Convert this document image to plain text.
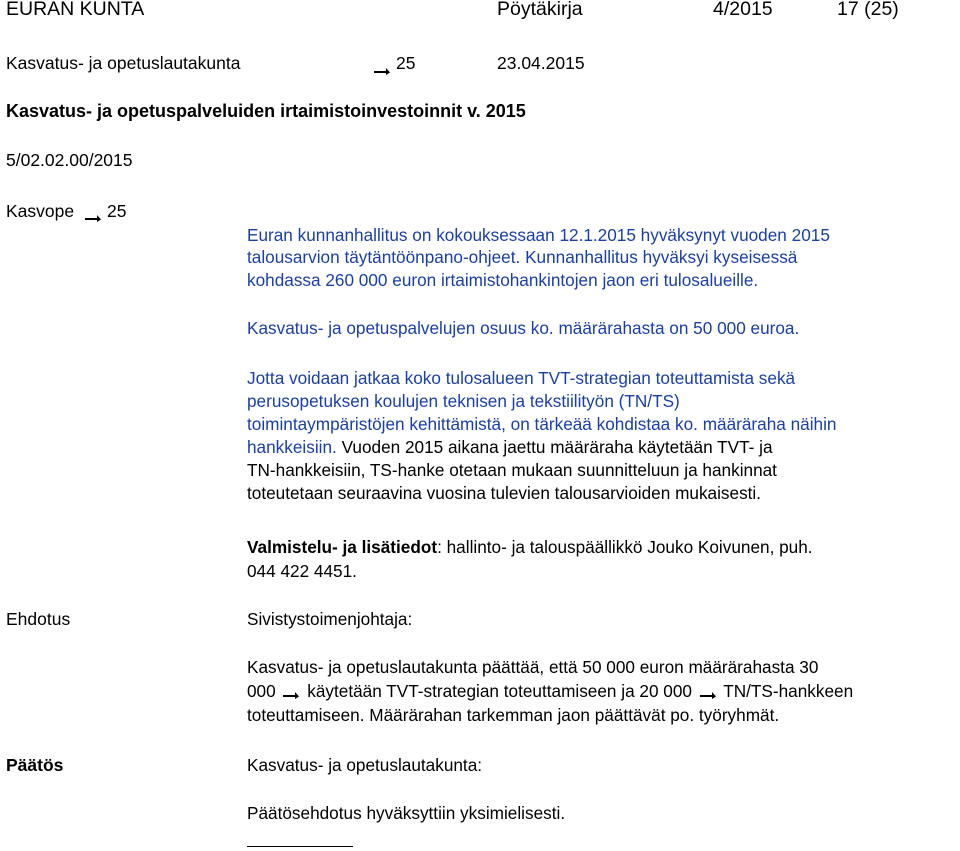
EURAN KUNTA	Pöytäkirja	4/2015	17 (25)
Kasvatus- ja opetuslautakunta	25	23.04.2015
Kasvatus- ja opetuspalveluiden irtaimistoinvestoinnit v. 2015
5/02.02.00/2015
Kasvope 25
Euran kunnanhallitus on kokouksessaan 12.1.2015 hyväksynyt vuoden 2015
talousarvion täytäntöönpano-ohjeet. Kunnanhallitus hyväksyi kyseisessä
kohdassa 260 000 euron irtaimistohankintojen jaon eri tulosalueille.
Kasvatus- ja opetuspalvelujen osuus ko. määrärahasta on 50 000 euroa.
Jotta voidaan jatkaa koko tulosalueen TVT-strategian toteuttamista sekä
perusopetuksen koulujen teknisen ja tekstiilityön (TN/TS)
toimintaympäristöjen kehittämistä, on tärkeää kohdistaa ko. määräraha näihin
hankkeisiin. Vuoden 2015 aikana jaettu määräraha käytetään TVT- ja
TN-hankkeisiin, TS-hanke otetaan mukaan suunnitteluun ja hankinnat
toteutetaan seuraavina vuosina tulevien talousarvioiden mukaisesti.
Valmistelu- ja lisätiedot: hallinto- ja talouspäällikkö Jouko Koivunen, puh.
044 422 4451.
Ehdotus	Sivistystoimenjohtaja:
Kasvatus- ja opetuslautakunta päättää, että 50 000 euron määrärahasta 30
000 käytetään TVT-strategian toteuttamiseen ja 20 000 TN/TS-hankkeen
toteuttamiseen. Määrärahan tarkemman jaon päättävät po. työryhmät.
Päätös	Kasvatus- ja opetuslautakunta:
Päätösehdotus hyväksyttiin yksimielisesti.
